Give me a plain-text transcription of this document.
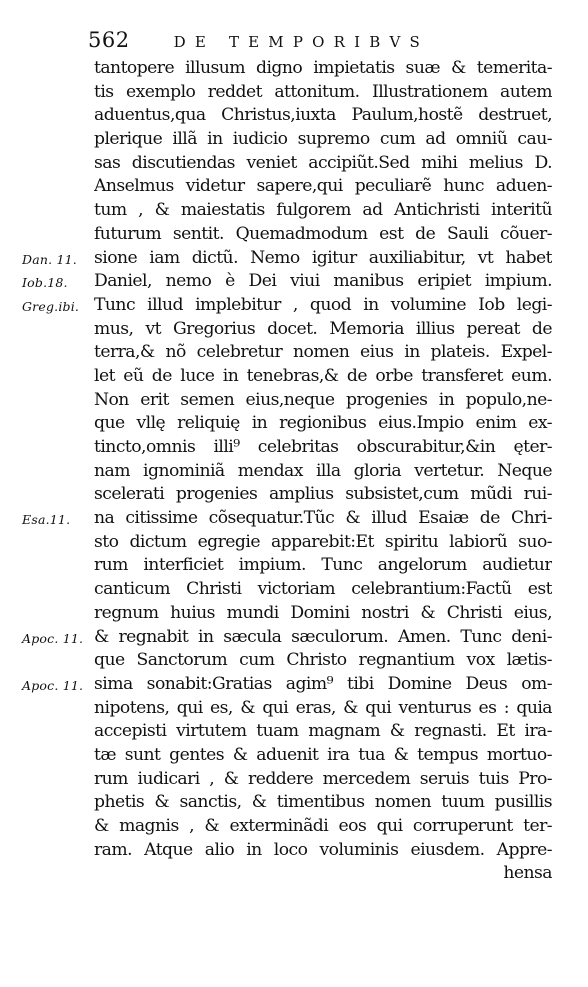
562	DE TEMPORIBVS
tantopere illusum digno impietatis suæ & temerita-
tis exemplo reddet attonitum. Illustrationem autem
aduentus,qua Christus,iuxta Paulum,hostẽ destruet,
plerique illã in iudicio supremo cum ad omniũ cau-
sas discutiendas veniet accipiũt.Sed mihi melius D.
Anselmus videtur sapere,qui peculiarẽ hunc aduen-
tum , & maiestatis fulgorem ad Antichristi interitũ
futurum sentit. Quemadmodum est de Sauli cõuer-
sione iam dictũ. Nemo igitur auxiliabitur, vt habet
Daniel, nemo è Dei viui manibus eripiet impium.
Tunc illud implebitur , quod in volumine Iob legi-
mus, vt Gregorius docet. Memoria illius pereat de
terra,& nõ celebretur nomen eius in plateis. Expel-
let eũ de luce in tenebras,& de orbe transferet eum.
Non erit semen eius,neque progenies in populo,ne-
que vllę reliquię in regionibus eius.Impio enim ex-
tincto,omnis illi⁹ celebritas obscurabitur,&in ęter-
nam ignominiã mendax illa gloria vertetur. Neque
scelerati progenies amplius subsistet,cum mũdi rui-
na citissime cõsequatur.Tũc & illud Esaiæ de Chri-
sto dictum egregie apparebit:Et spiritu labiorũ suo-
rum interficiet impium. Tunc angelorum audietur
canticum Christi victoriam celebrantium:Factũ est
regnum huius mundi Domini nostri & Christi eius,
& regnabit in sæcula sæculorum. Amen. Tunc deni-
que Sanctorum cum Christo regnantium vox lætis-
sima sonabit:Gratias agim⁹ tibi Domine Deus om-
nipotens, qui es, & qui eras, & qui venturus es : quia
accepisti virtutem tuam magnam & regnasti. Et ira-
tæ sunt gentes & aduenit ira tua & tempus mortuo-
rum iudicari , & reddere mercedem seruis tuis Pro-
phetis & sanctis, & timentibus nomen tuum pusillis
& magnis , & exterminãdi eos qui corruperunt ter-
ram. Atque alio in loco voluminis eiusdem. Appre-
hensa
Dan. 11.
Iob.18.
Greg.ibi.
Esa.11.
Apoc. 11.
Apoc. 11.
